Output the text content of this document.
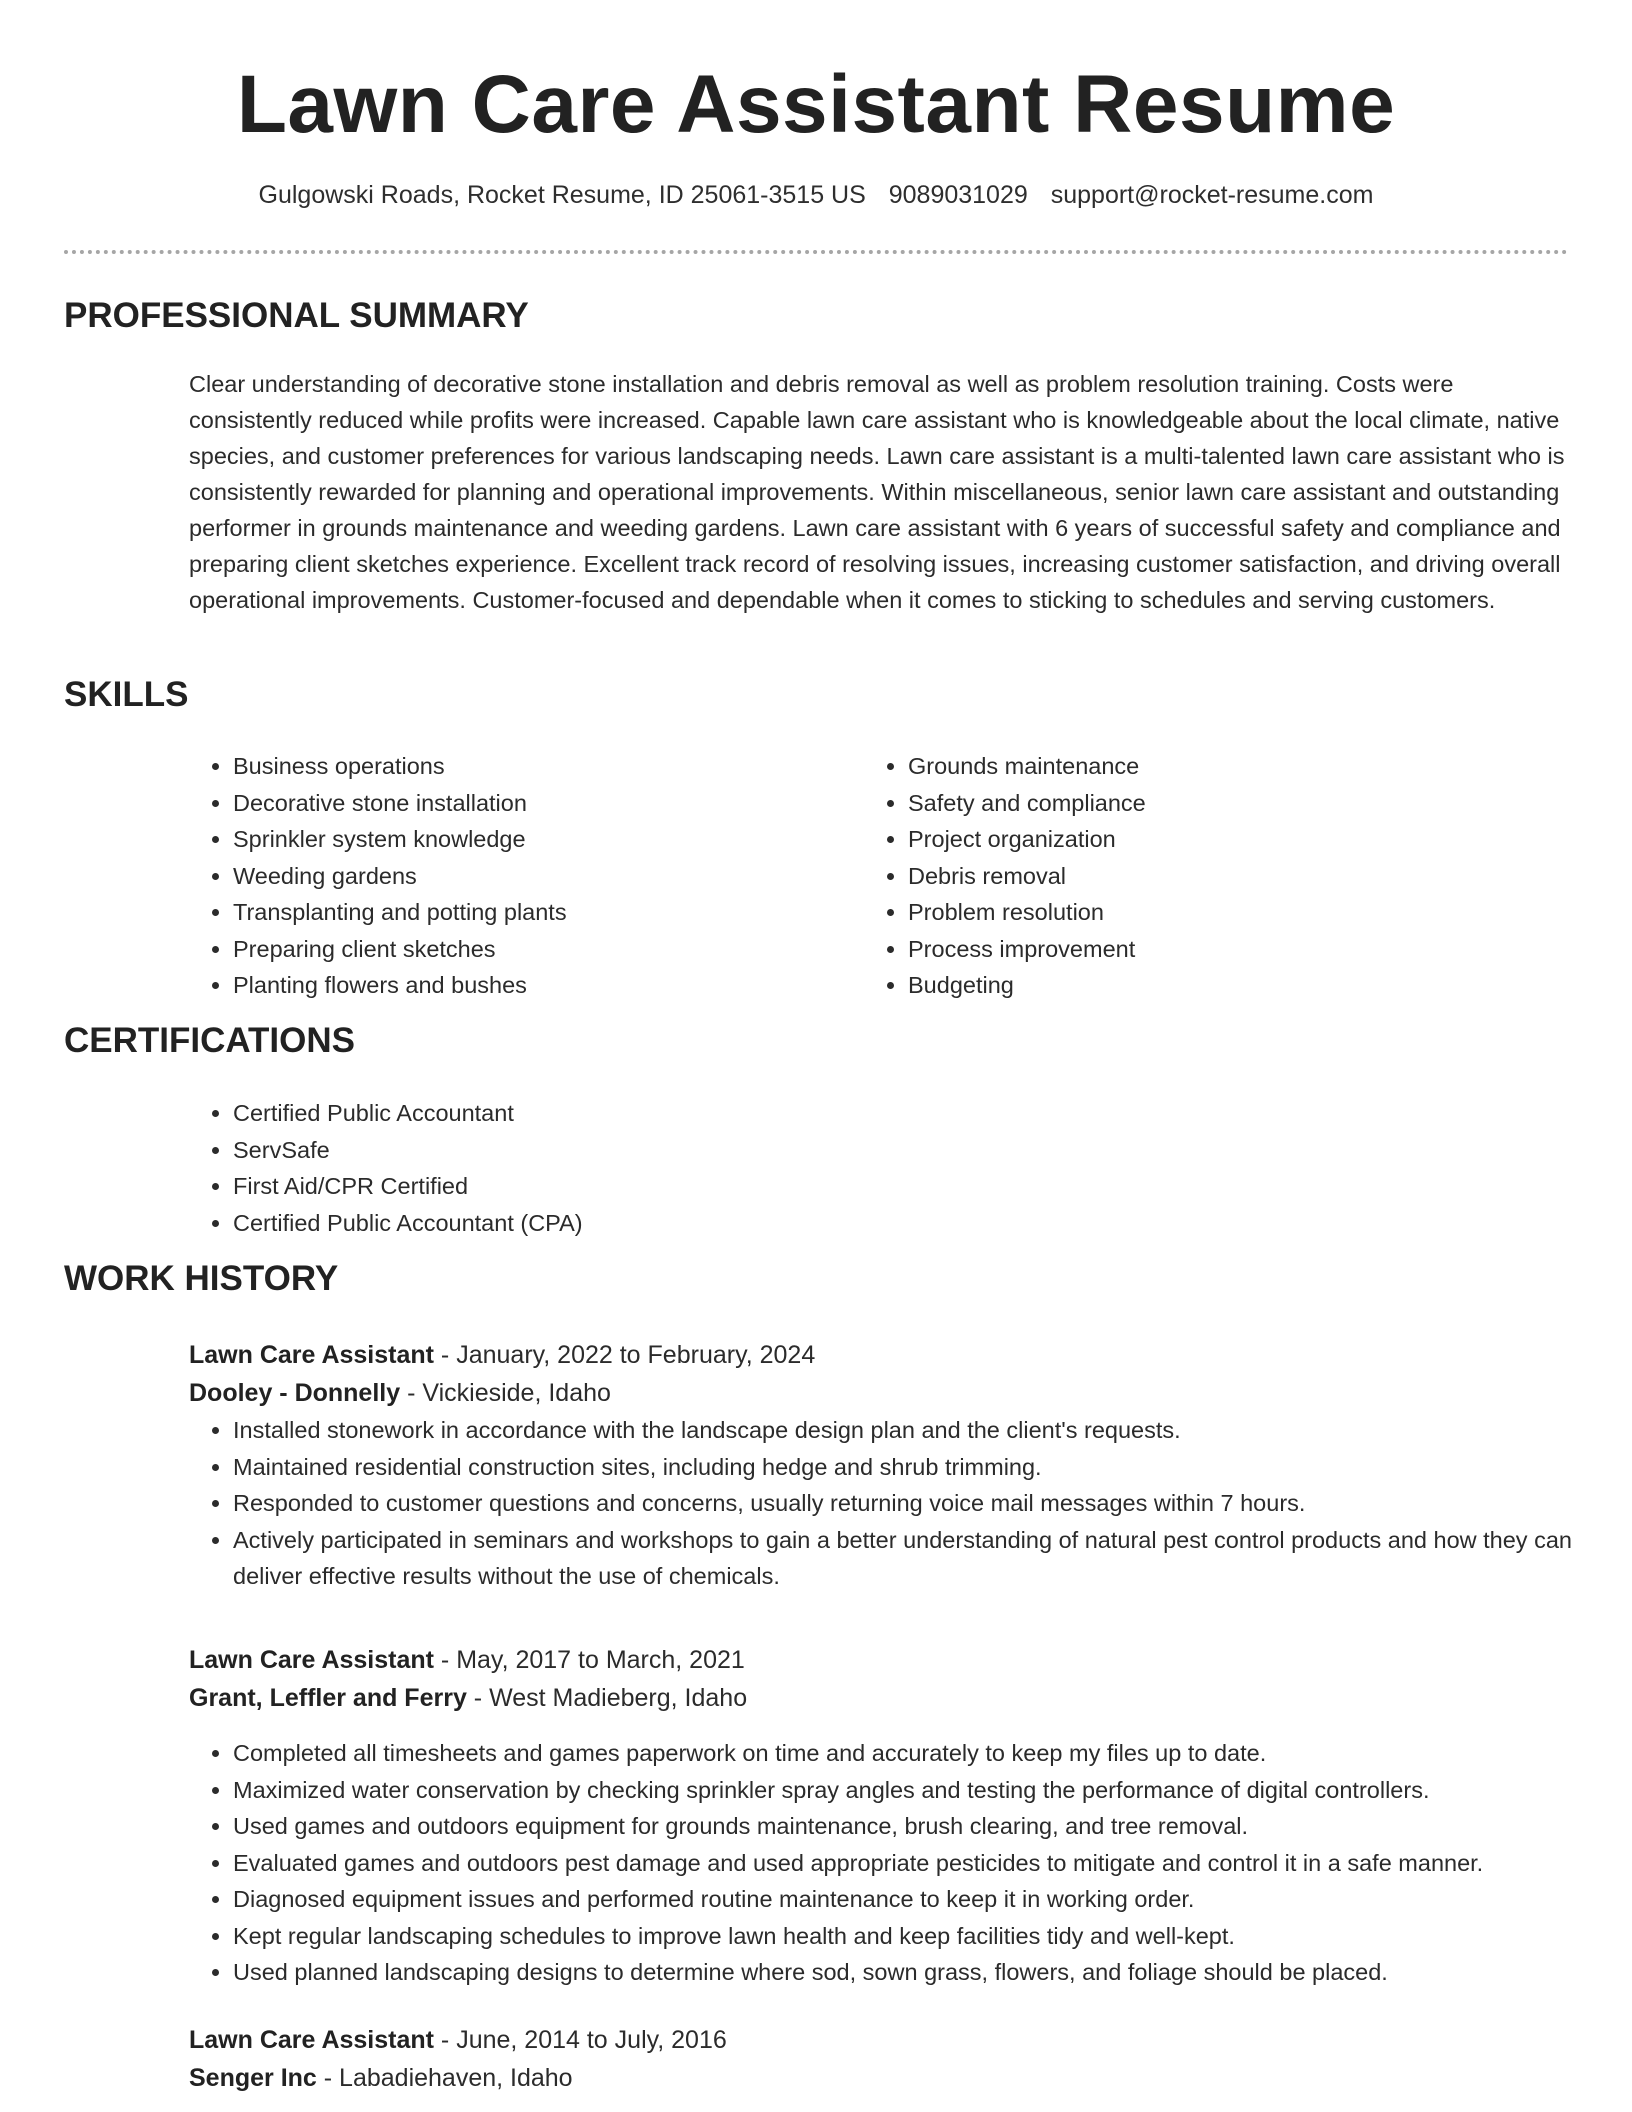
Lawn Care Assistant Resume
Gulgowski Roads, Rocket Resume, ID 25061-3515 US 9089031029 support@rocket-resume.com
PROFESSIONAL SUMMARY

Clear understanding of decorative stone installation and debris removal as well as problem resolution training. Costs were consistently reduced while profits were increased. Capable lawn care assistant who is knowledgeable about the local climate, native species, and customer preferences for various landscaping needs. Lawn care assistant is a multi-talented lawn care assistant who is consistently rewarded for planning and operational improvements. Within miscellaneous, senior lawn care assistant and outstanding performer in grounds maintenance and weeding gardens. Lawn care assistant with 6 years of successful safety and compliance and preparing client sketches experience. Excellent track record of resolving issues, increasing customer satisfaction, and driving overall operational improvements. Customer-focused and dependable when it comes to sticking to schedules and serving customers.

SKILLS
• Business operations
• Decorative stone installation
• Sprinkler system knowledge
• Weeding gardens
• Transplanting and potting plants
• Preparing client sketches
• Planting flowers and bushes
• Grounds maintenance
• Safety and compliance
• Project organization
• Debris removal
• Problem resolution
• Process improvement
• Budgeting
CERTIFICATIONS
• Certified Public Accountant
• ServSafe
• First Aid/CPR Certified
• Certified Public Accountant (CPA)
WORK HISTORY

Lawn Care Assistant - January, 2022 to February, 2024

Dooley - Donnelly - Vickieside, Idaho

• Installed stonework in accordance with the landscape design plan and the client's requests.
• Maintained residential construction sites, including hedge and shrub trimming.
• Responded to customer questions and concerns, usually returning voice mail messages within 7 hours.
• Actively participated in seminars and workshops to gain a better understanding of natural pest control products and how they can deliver effective results without the use of chemicals.

Lawn Care Assistant - May, 2017 to March, 2021

Grant, Leffler and Ferry - West Madieberg, Idaho

• Completed all timesheets and games paperwork on time and accurately to keep my files up to date.
• Maximized water conservation by checking sprinkler spray angles and testing the performance of digital controllers.
• Used games and outdoors equipment for grounds maintenance, brush clearing, and tree removal.
• Evaluated games and outdoors pest damage and used appropriate pesticides to mitigate and control it in a safe manner.
• Diagnosed equipment issues and performed routine maintenance to keep it in working order.
• Kept regular landscaping schedules to improve lawn health and keep facilities tidy and well-kept.
• Used planned landscaping designs to determine where sod, sown grass, flowers, and foliage should be placed.

Lawn Care Assistant - June, 2014 to July, 2016

Senger Inc - Labadiehaven, Idaho
